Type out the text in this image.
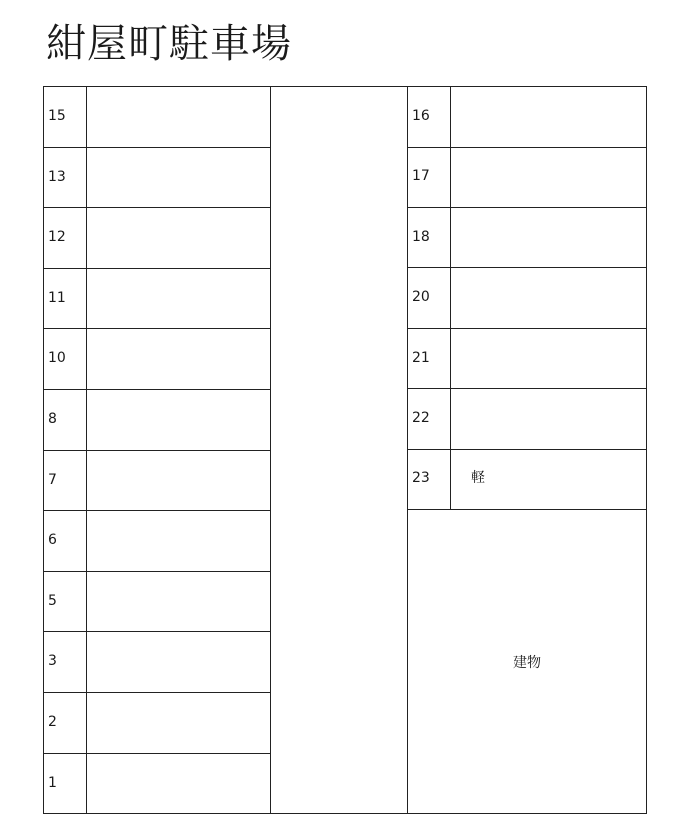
紺屋町駐車場
15
13
12
11
10
8
7
6
5
3
2
1
16
17
18
20
21
22
23	軽
建物
